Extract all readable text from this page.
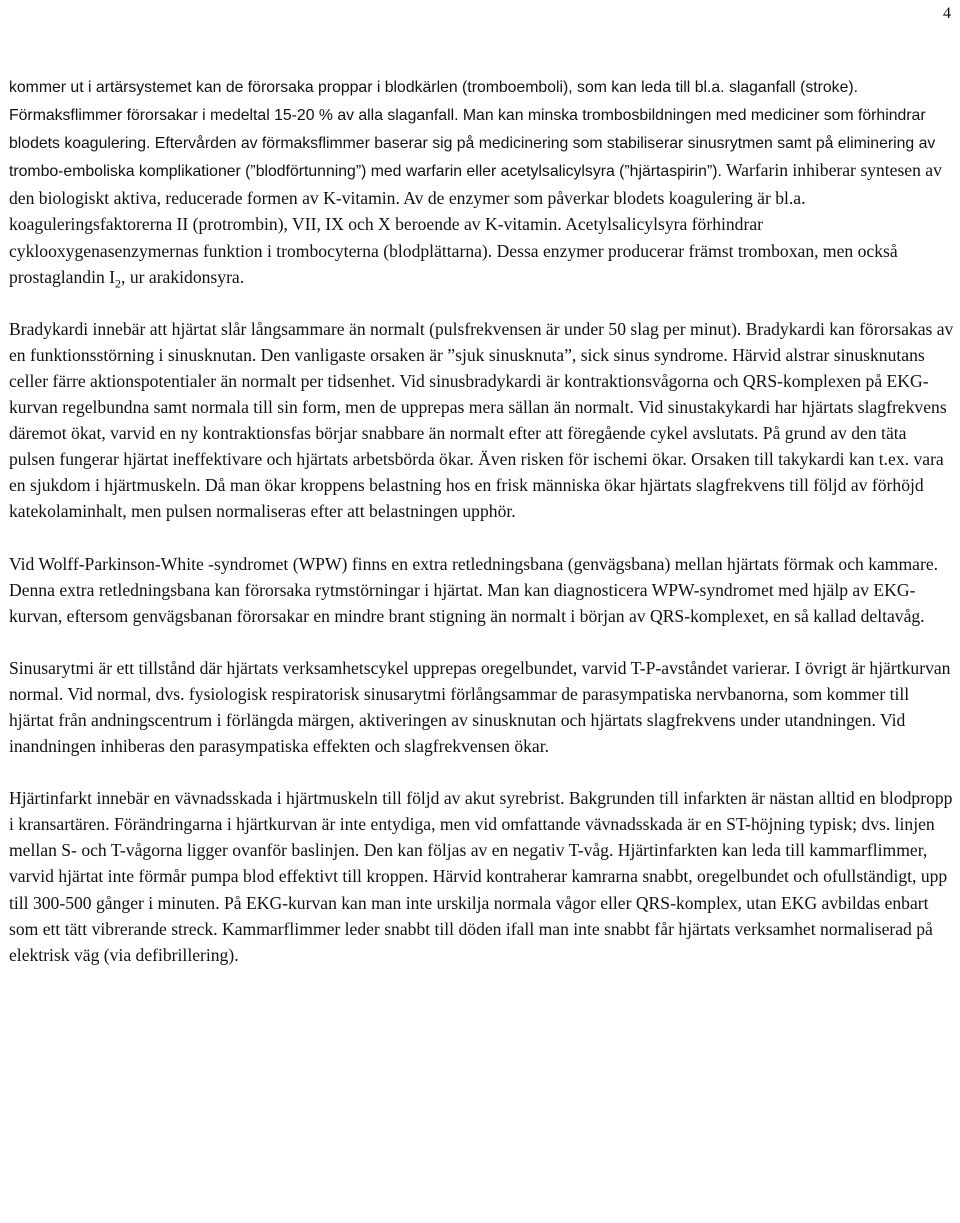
4

kommer ut i artärsystemet kan de förorsaka proppar i blodkärlen (tromboemboli), som kan leda till bl.a. slaganfall (stroke). Förmaksflimmer förorsakar i medeltal 15-20 % av alla slaganfall. Man kan minska trombosbildningen med mediciner som förhindrar blodets koagulering. Eftervården av förmaksflimmer baserar sig på medicinering som stabiliserar sinusrytmen samt på eliminering av trombo-emboliska komplikationer (”blodförtunning”) med warfarin eller acetylsalicylsyra (”hjärtaspirin”). Warfarin inhiberar syntesen av den biologiskt aktiva, reducerade formen av K-vitamin. Av de enzymer som påverkar blodets koagulering är bl.a. koaguleringsfaktorerna II (protrombin), VII, IX och X beroende av K-vitamin. Acetylsalicylsyra förhindrar cyklooxygenasenzymernas funktion i trombocyterna (blodplättarna). Dessa enzymer producerar främst tromboxan, men också prostaglandin $I_2$, ur arakidonsyra.

Bradykardi innebär att hjärtat slår långsammare än normalt (pulsfrekvensen är under 50 slag per minut). Bradykardi kan förorsakas av en funktionsstörning i sinusknutan. Den vanligaste orsaken är ”sjuk sinusknuta”, sick sinus syndrome. Härvid alstrar sinusknutans celler färre aktionspotentialer än normalt per tidsenhet. Vid sinusbradykardi är kontraktionsvågorna och QRS-komplexen på EKG-kurvan regelbundna samt normala till sin form, men de upprepas mera sällan än normalt. Vid sinustakykardi har hjärtats slagfrekvens däremot ökat, varvid en ny kontraktionsfas börjar snabbare än normalt efter att föregående cykel avslutats. På grund av den täta pulsen fungerar hjärtat ineffektivare och hjärtats arbetsbörda ökar. Även risken för ischemi ökar. Orsaken till takykardi kan t.ex. vara en sjukdom i hjärtmuskeln. Då man ökar kroppens belastning hos en frisk människa ökar hjärtats slagfrekvens till följd av förhöjd katekolaminhalt, men pulsen normaliseras efter att belastningen upphör.

Vid Wolff-Parkinson-White -syndromet (WPW) finns en extra retledningsbana (genvägsbana) mellan hjärtats förmak och kammare. Denna extra retledningsbana kan förorsaka rytmstörningar i hjärtat. Man kan diagnosticera WPW-syndromet med hjälp av EKG-kurvan, eftersom genvägsbanan förorsakar en mindre brant stigning än normalt i början av QRS-komplexet, en så kallad deltavåg.

Sinusarytmi är ett tillstånd där hjärtats verksamhetscykel upprepas oregelbundet, varvid T-P-avståndet varierar. I övrigt är hjärtkurvan normal. Vid normal, dvs. fysiologisk respiratorisk sinusarytmi förlångsammar de parasympatiska nervbanorna, som kommer till hjärtat från andningscentrum i förlängda märgen, aktiveringen av sinusknutan och hjärtats slagfrekvens under utandningen. Vid inandningen inhiberas den parasympatiska effekten och slagfrekvensen ökar.

Hjärtinfarkt innebär en vävnadsskada i hjärtmuskeln till följd av akut syrebrist. Bakgrunden till infarkten är nästan alltid en blodpropp i kransartären. Förändringarna i hjärtkurvan är inte entydiga, men vid omfattande vävnadsskada är en ST-höjning typisk; dvs. linjen mellan S- och T-vågorna ligger ovanför baslinjen. Den kan följas av en negativ T-våg. Hjärtinfarkten kan leda till kammarflimmer, varvid hjärtat inte förmår pumpa blod effektivt till kroppen. Härvid kontraherar kamrarna snabbt, oregelbundet och ofullständigt, upp till 300-500 gånger i minuten. På EKG-kurvan kan man inte urskilja normala vågor eller QRS-komplex, utan EKG avbildas enbart som ett tätt vibrerande streck. Kammarflimmer leder snabbt till döden ifall man inte snabbt får hjärtats verksamhet normaliserad på elektrisk väg (via defibrillering).
